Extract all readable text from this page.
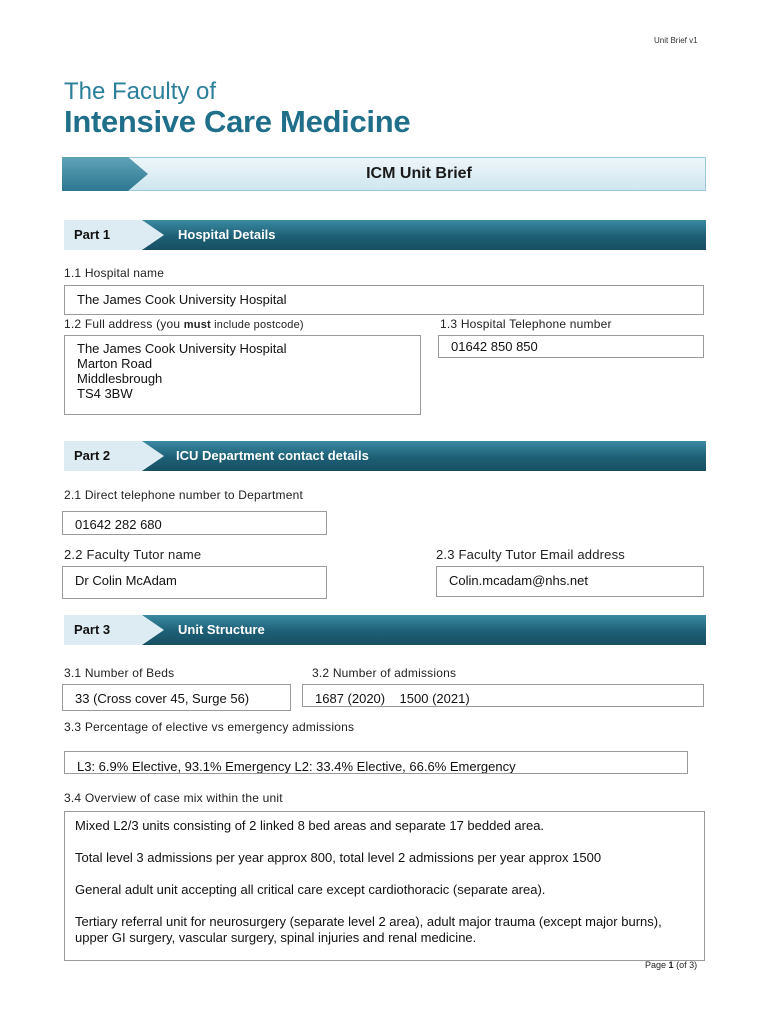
Unit Brief v1
The Faculty of
Intensive Care Medicine
ICM Unit Brief
Part 1	Hospital Details
1.1 Hospital name
The James Cook University Hospital
1.2 Full address (you must include postcode)
The James Cook University Hospital
Marton Road
Middlesbrough
TS4 3BW
1.3 Hospital Telephone number
01642 850 850
Part 2	ICU Department contact details
2.1 Direct telephone number to Department
01642 282 680
2.2 Faculty Tutor name
Dr Colin McAdam
2.3 Faculty Tutor Email address
Colin.mcadam@nhs.net
Part 3	Unit Structure
3.1 Number of Beds
33 (Cross cover 45, Surge 56)
3.2 Number of admissions
1687 (2020)    1500 (2021)
3.3 Percentage of elective vs emergency admissions
L3: 6.9% Elective, 93.1% Emergency L2: 33.4% Elective, 66.6% Emergency
3.4 Overview of case mix within the unit

Mixed L2/3 units consisting of 2 linked 8 bed areas and separate 17 bedded area.

Total level 3 admissions per year approx 800, total level 2 admissions per year approx 1500

General adult unit accepting all critical care except cardiothoracic (separate area).

Tertiary referral unit for neurosurgery (separate level 2 area), adult major trauma (except major burns), upper GI surgery, vascular surgery, spinal injuries and renal medicine.

Page 1 (of 3)
